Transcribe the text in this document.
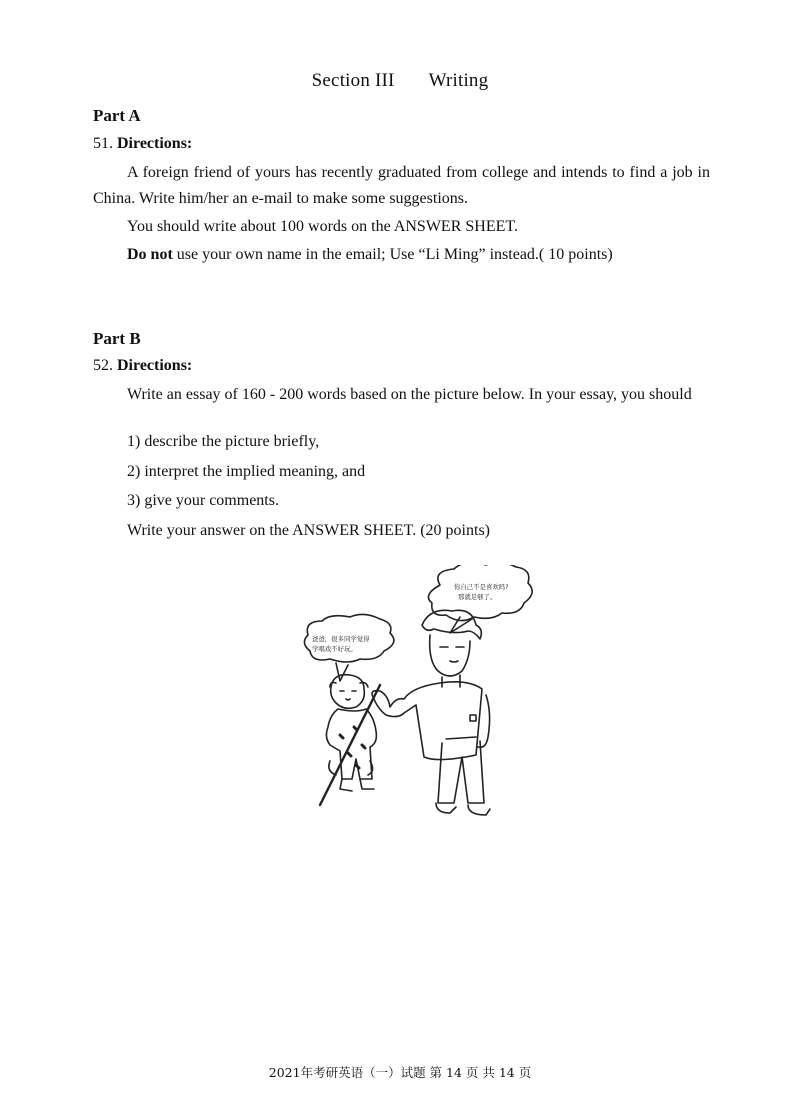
Section III Writing
Part A
51. Directions:
A foreign friend of yours has recently graduated from college and intends to find a job in China. Write him/her an e-mail to make some suggestions.
You should write about 100 words on the ANSWER SHEET.
Do not use your own name in the email; Use “Li Ming” instead.( 10 points)
Part B
52. Directions:
Write an essay of 160 - 200 words based on the picture below. In your essay, you should
1) describe the picture briefly,
2) interpret the implied meaning, and
3) give your comments.
Write your answer on the ANSWER SHEET. (20 points)
你自己不是喜欢吗?
那就足够了。
爸爸，很多同学觉得
学唱戏不好玩。
2021年考研英语（一）试题 第 14 页 共 14 页
